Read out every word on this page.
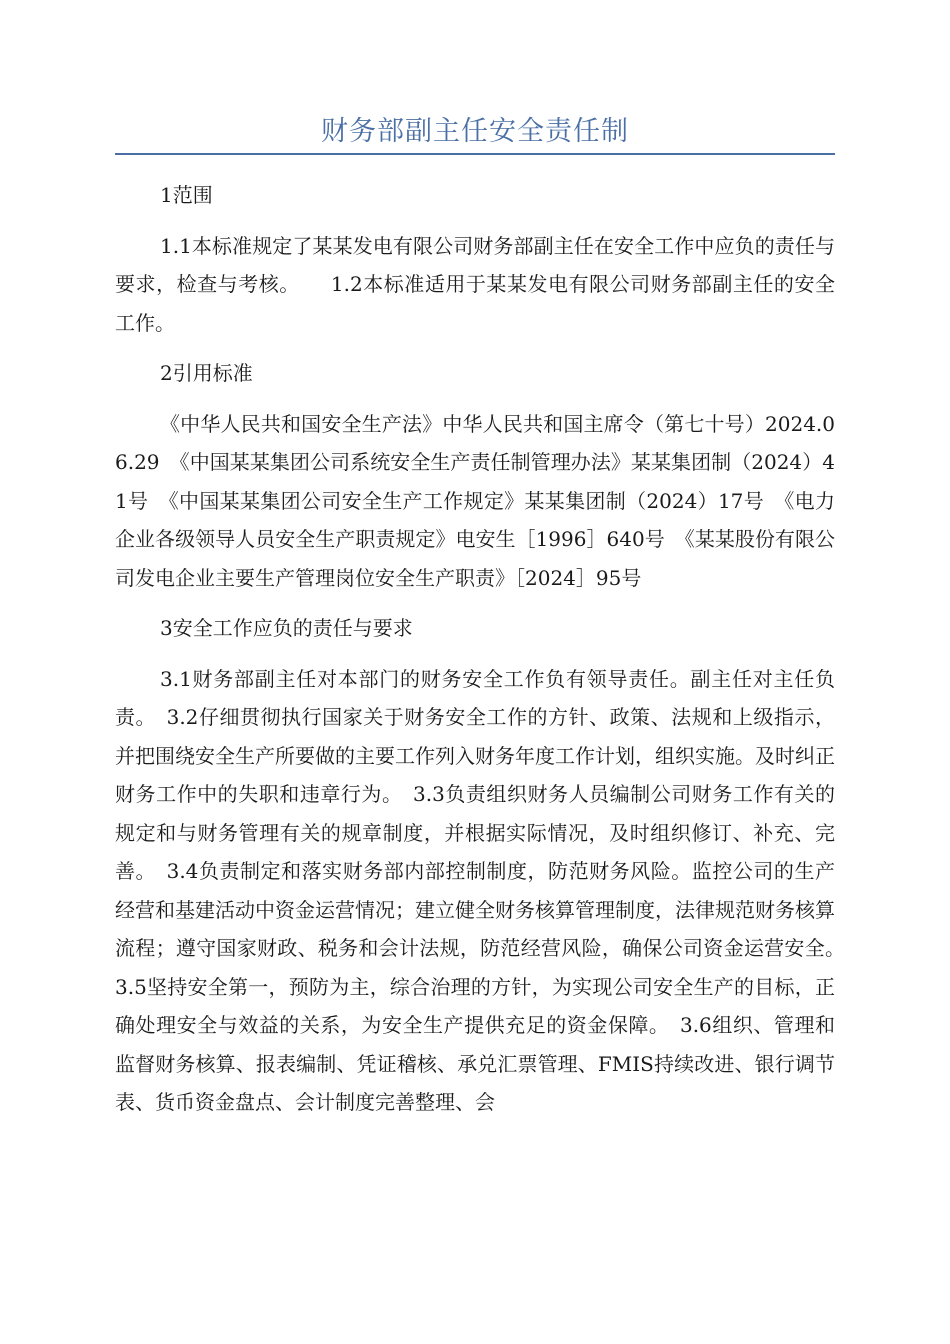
财务部副主任安全责任制

1范围

1.1本标准规定了某某发电有限公司财务部副主任在安全工作中应负的责任与要求，检查与考核。　　1.2本标准适用于某某发电有限公司财务部副主任的安全工作。

2引用标准

《中华人民共和国安全生产法》中华人民共和国主席令（第七十号）2024.06.29　《中国某某集团公司系统安全生产责任制管理办法》某某集团制（2024）41号　《中国某某集团公司安全生产工作规定》某某集团制（2024）17号　《电力企业各级领导人员安全生产职责规定》电安生［1996］640号　《某某股份有限公司发电企业主要生产管理岗位安全生产职责》［2024］95号

3安全工作应负的责任与要求

3.1财务部副主任对本部门的财务安全工作负有领导责任。副主任对主任负责。　3.2仔细贯彻执行国家关于财务安全工作的方针、政策、法规和上级指示，并把围绕安全生产所要做的主要工作列入财务年度工作计划，组织实施。及时纠正财务工作中的失职和违章行为。　3.3负责组织财务人员编制公司财务工作有关的规定和与财务管理有关的规章制度，并根据实际情况，及时组织修订、补充、完善。　3.4负责制定和落实财务部内部控制制度，防范财务风险。监控公司的生产经营和基建活动中资金运营情况；建立健全财务核算管理制度，法律规范财务核算流程；遵守国家财政、税务和会计法规，防范经营风险，确保公司资金运营安全。　3.5坚持安全第一，预防为主，综合治理的方针，为实现公司安全生产的目标，正确处理安全与效益的关系，为安全生产提供充足的资金保障。　3.6组织、管理和监督财务核算、报表编制、凭证稽核、承兑汇票管理、FMIS持续改进、银行调节表、货币资金盘点、会计制度完善整理、会
